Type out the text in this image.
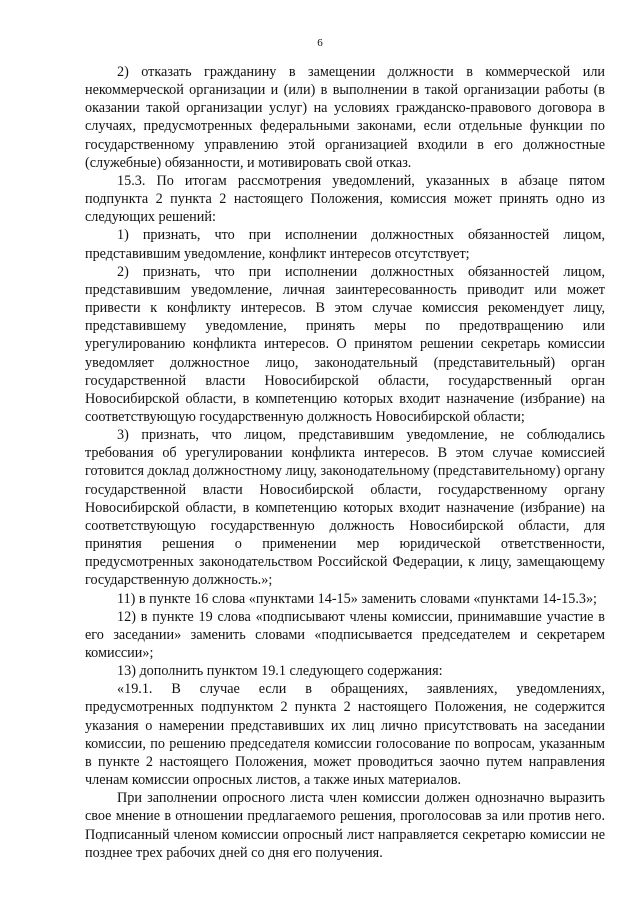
6

2) отказать гражданину в замещении должности в коммерческой или некоммерческой организации и (или) в выполнении в такой организации работы (в оказании такой организации услуг) на условиях гражданско-правового договора в случаях, предусмотренных федеральными законами, если отдельные функции по государственному управлению этой организацией входили в его должностные (служебные) обязанности, и мотивировать свой отказ.

15.3. По итогам рассмотрения уведомлений, указанных в абзаце пятом подпункта 2 пункта 2 настоящего Положения, комиссия может принять одно из следующих решений:

1) признать, что при исполнении должностных обязанностей лицом, представившим уведомление, конфликт интересов отсутствует;

2) признать, что при исполнении должностных обязанностей лицом, представившим уведомление, личная заинтересованность приводит или может привести к конфликту интересов. В этом случае комиссия рекомендует лицу, представившему уведомление, принять меры по предотвращению или урегулированию конфликта интересов. О принятом решении секретарь комиссии уведомляет должностное лицо, законодательный (представительный) орган государственной власти Новосибирской области, государственный орган Новосибирской области, в компетенцию которых входит назначение (избрание) на соответствующую государственную должность Новосибирской области;

3) признать, что лицом, представившим уведомление, не соблюдались требования об урегулировании конфликта интересов. В этом случае комиссией готовится доклад должностному лицу, законодательному (представительному) органу государственной власти Новосибирской области, государственному органу Новосибирской области, в компетенцию которых входит назначение (избрание) на соответствующую государственную должность Новосибирской области, для принятия решения о применении мер юридической ответственности, предусмотренных законодательством Российской Федерации, к лицу, замещающему государственную должность.»;

11) в пункте 16 слова «пунктами 14-15» заменить словами «пунктами 14-15.3»;

12) в пункте 19 слова «подписывают члены комиссии, принимавшие участие в его заседании» заменить словами «подписывается председателем и секретарем комиссии»;

13) дополнить пунктом 19.1 следующего содержания:

«19.1. В случае если в обращениях, заявлениях, уведомлениях, предусмотренных подпунктом 2 пункта 2 настоящего Положения, не содержится указания о намерении представивших их лиц лично присутствовать на заседании комиссии, по решению председателя комиссии голосование по вопросам, указанным в пункте 2 настоящего Положения, может проводиться заочно путем направления членам комиссии опросных листов, а также иных материалов.

При заполнении опросного листа член комиссии должен однозначно выразить свое мнение в отношении предлагаемого решения, проголосовав за или против него. Подписанный членом комиссии опросный лист направляется секретарю комиссии не позднее трех рабочих дней со дня его получения.
